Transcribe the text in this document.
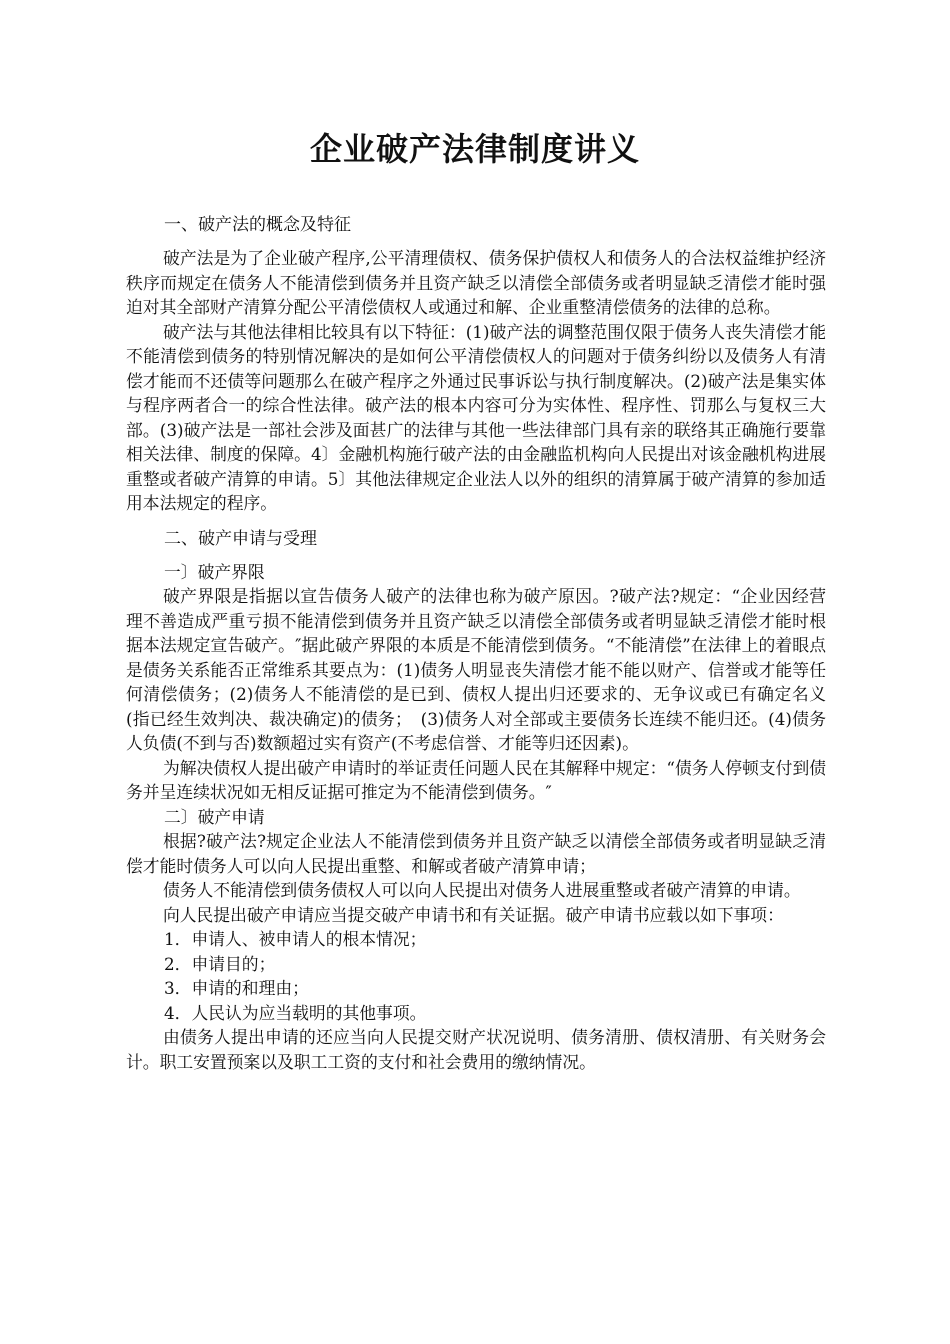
企业破产法律制度讲义
一、破产法的概念及特征

破产法是为了企业破产程序,公平清理债权、债务保护债权人和债务人的合法权益维护经济秩序而规定在债务人不能清偿到债务并且资产缺乏以清偿全部债务或者明显缺乏清偿才能时强迫对其全部财产清算分配公平清偿债权人或通过和解、企业重整清偿债务的法律的总称。

破产法与其他法律相比较具有以下特征：(1)破产法的调整范围仅限于债务人丧失清偿才能不能清偿到债务的特别情况解决的是如何公平清偿债权人的问题对于债务纠纷以及债务人有清偿才能而不还债等问题那么在破产程序之外通过民事诉讼与执行制度解决。(2)破产法是集实体与程序两者合一的综合性法律。破产法的根本内容可分为实体性、程序性、罚那么与复权三大部。(3)破产法是一部社会涉及面甚广的法律与其他一些法律部门具有亲的联络其正确施行要靠相关法律、制度的保障。4〕金融机构施行破产法的由金融监机构向人民提出对该金融机构进展重整或者破产清算的申请。5〕其他法律规定企业法人以外的组织的清算属于破产清算的参加适用本法规定的程序。

二、破产申请与受理

一〕破产界限

破产界限是指据以宣告债务人破产的法律也称为破产原因。?破产法?规定：“企业因经营理不善造成严重亏损不能清偿到债务并且资产缺乏以清偿全部债务或者明显缺乏清偿才能时根据本法规定宣告破产。″据此破产界限的本质是不能清偿到债务。“不能清偿”在法律上的着眼点是债务关系能否正常维系其要点为：(1)债务人明显丧失清偿才能不能以财产、信誉或才能等任何清偿债务；(2)债务人不能清偿的是已到、债权人提出归还要求的、无争议或已有确定名义(指已经生效判决、裁决确定)的债务；　(3)债务人对全部或主要债务长连续不能归还。(4)债务人负债(不到与否)数额超过实有资产(不考虑信誉、才能等归还因素)。

为解决债权人提出破产申请时的举证责任问题人民在其解释中规定：“债务人停顿支付到债务并呈连续状况如无相反证据可推定为不能清偿到债务。″

二〕破产申请

根据?破产法?规定企业法人不能清偿到债务并且资产缺乏以清偿全部债务或者明显缺乏清偿才能时债务人可以向人民提出重整、和解或者破产清算申请；

债务人不能清偿到债务债权人可以向人民提出对债务人进展重整或者破产清算的申请。

向人民提出破产申请应当提交破产申请书和有关证据。破产申请书应载以如下事项：

1．申请人、被申请人的根本情况；

2．申请目的；

3．申请的和理由；

4．人民认为应当载明的其他事项。

由债务人提出申请的还应当向人民提交财产状况说明、债务清册、债权清册、有关财务会计。职工安置预案以及职工工资的支付和社会费用的缴纳情况。
